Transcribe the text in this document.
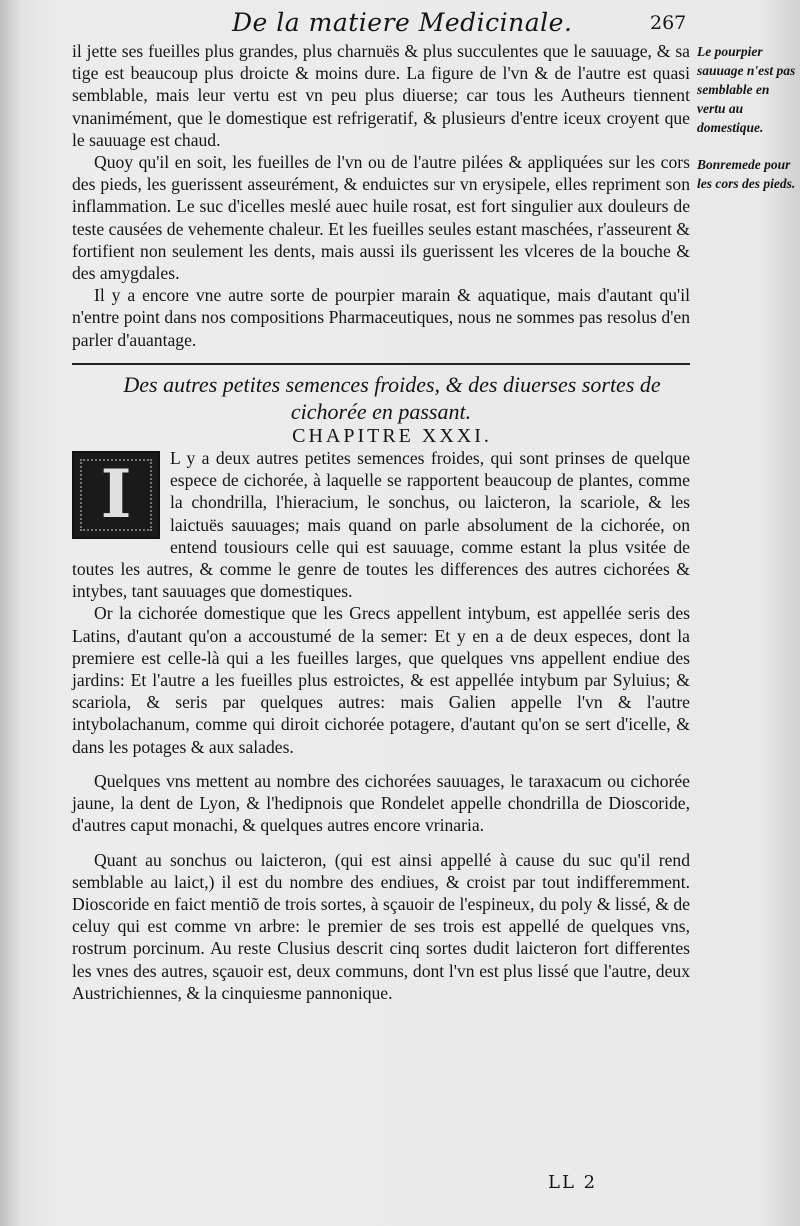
De la matiere Medicinale.	267

il jette ses fueilles plus grandes, plus charnuës & plus succulentes que le sauuage, & sa tige est beaucoup plus droicte & moins dure. La figure de l'vn & de l'autre est quasi semblable, mais leur vertu est vn peu plus diuerse; car tous les Autheurs tiennent vnanimément, que le domestique est refrigeratif, & plusieurs d'entre iceux croyent que le sauuage est chaud.

Quoy qu'il en soit, les fueilles de l'vn ou de l'autre pilées & appliquées sur les cors des pieds, les guerissent asseurément, & enduictes sur vn erysipele, elles repriment son inflammation. Le suc d'icelles meslé auec huile rosat, est fort singulier aux douleurs de teste causées de vehemente chaleur. Et les fueilles seules estant maschées, r'asseurent & fortifient non seulement les dents, mais aussi ils guerissent les vlceres de la bouche & des amygdales.

Il y a encore vne autre sorte de pourpier marain & aquatique, mais d'autant qu'il n'entre point dans nos compositions Pharmaceutiques, nous ne sommes pas resolus d'en parler d'auantage.

Des autres petites semences froides, & des diuerses sortes de cichorée en passant.

CHAPITRE XXXI.

I	L y a deux autres petites semences froides, qui sont prinses de quelque espece de cichorée, à laquelle se rapportent beaucoup de plantes, comme la chondrilla, l'hieracium, le sonchus, ou laicteron, la scariole, & les laictuës sauuages; mais quand on parle absolument de la cichorée, on entend tousiours celle qui est sauuage, comme estant la plus vsitée de toutes les autres, & comme le genre de toutes les differences des autres cichorées & intybes, tant sauuages que domestiques.

Or la cichorée domestique que les Grecs appellent intybum, est appellée seris des Latins, d'autant qu'on a accoustumé de la semer: Et y en a de deux especes, dont la premiere est celle-là qui a les fueilles larges, que quelques vns appellent endiue des jardins: Et l'autre a les fueilles plus estroictes, & est appellée intybum par Syluius; & scariola, & seris par quelques autres: mais Galien appelle l'vn & l'autre intybolachanum, comme qui diroit cichorée potagere, d'autant qu'on se sert d'icelle, & dans les potages & aux salades.

Quelques vns mettent au nombre des cichorées sauuages, le taraxacum ou cichorée jaune, la dent de Lyon, & l'hedipnois que Rondelet appelle chondrilla de Dioscoride, d'autres caput monachi, & quelques autres encore vrinaria.

Quant au sonchus ou laicteron, (qui est ainsi appellé à cause du suc qu'il rend semblable au laict,) il est du nombre des endiues, & croist par tout indifferemment. Dioscoride en faict mentiõ de trois sortes, à sçauoir de l'espineux, du poly & lissé, & de celuy qui est comme vn arbre: le premier de ses trois est appellé de quelques vns, rostrum porcinum. Au reste Clusius descrit cinq sortes dudit laicteron fort differentes les vnes des autres, sçauoir est, deux communs, dont l'vn est plus lissé que l'autre, deux Austrichiennes, & la cinquiesme pannonique.

Le pourpier sauuage n'est pas semblable en vertu au domestique.

Bonremede pour les cors des pieds.

LL 2
